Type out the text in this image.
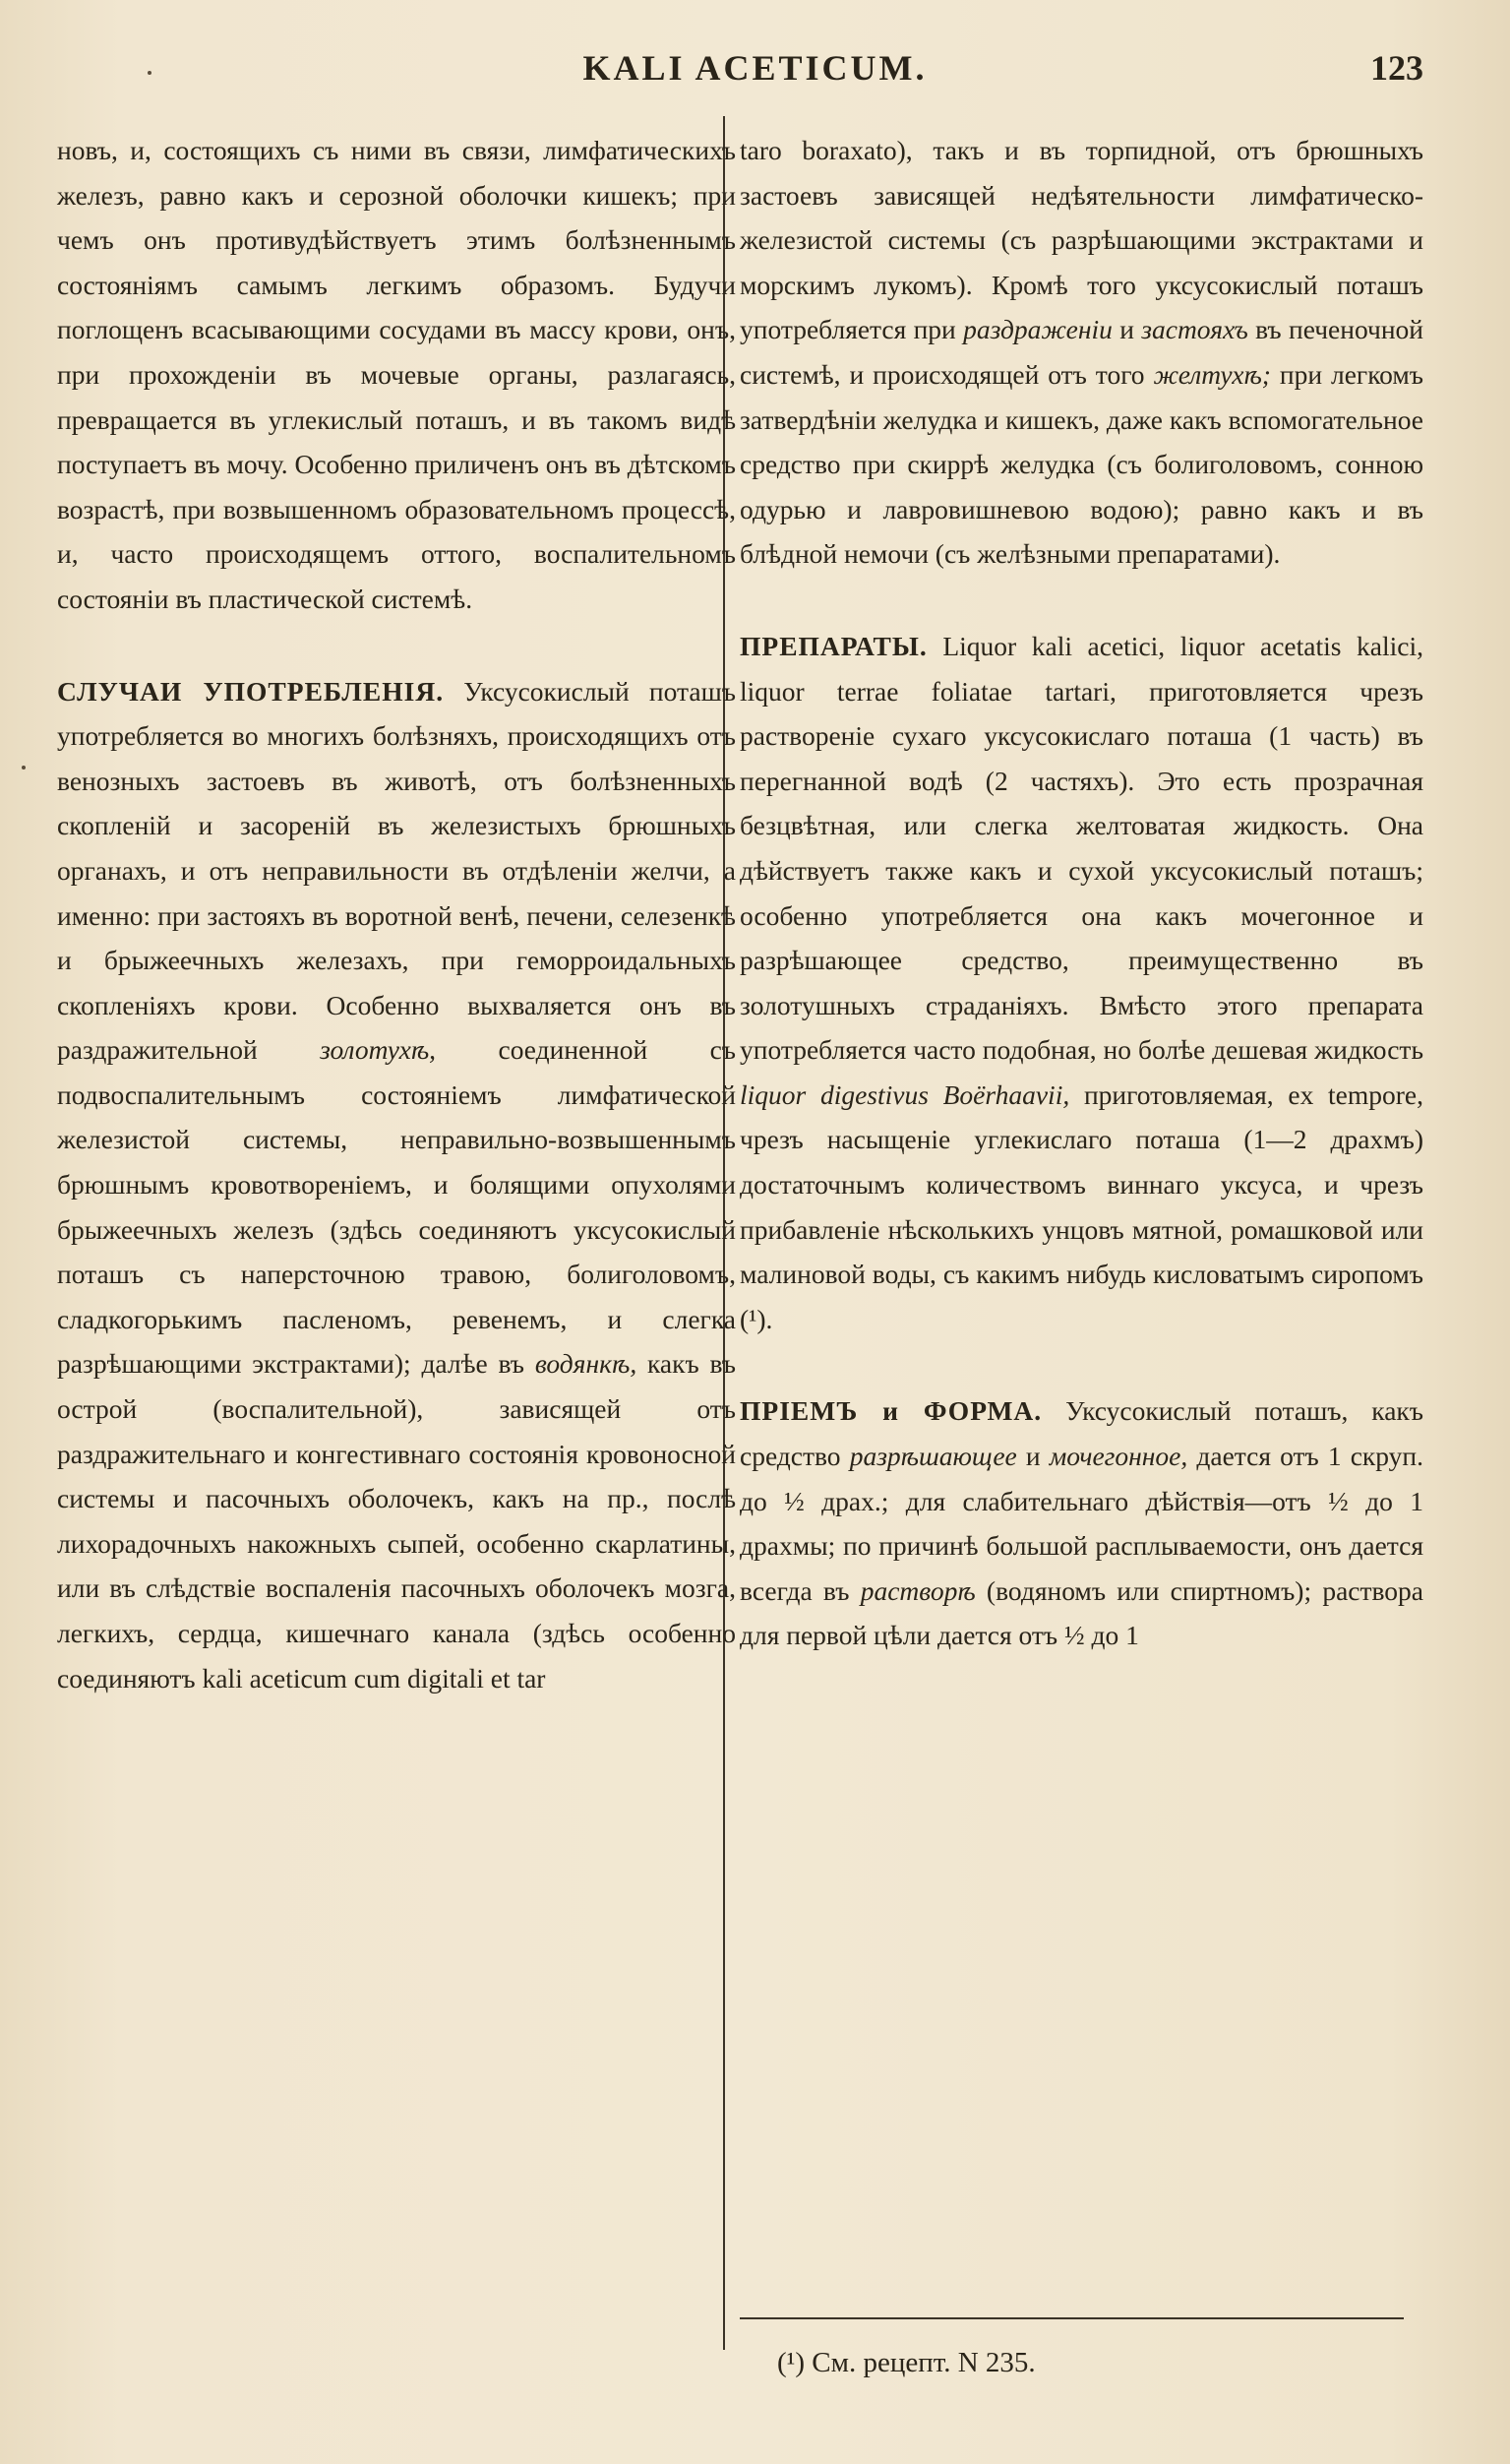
KALI ACETICUM.	123

новъ, и, состоящихъ съ ними въ связи, лимфатическихъ железъ, равно какъ и серозной оболочки кишекъ; при чемъ онъ противудѣйствуетъ этимъ болѣзненнымъ состояніямъ самымъ легкимъ образомъ. Будучи поглощенъ всасывающими сосудами въ массу крови, онъ, при прохожденіи въ мочевые органы, разлагаясь, превращается въ углекислый поташъ, и въ такомъ видѣ поступаетъ въ мочу. Особенно приличенъ онъ въ дѣтскомъ возрастѣ, при возвышенномъ образовательномъ процессѣ, и, часто происходящемъ оттого, воспалительномъ состояніи въ пластической системѣ.

СЛУЧАИ УПОТРЕБЛЕНІЯ. Уксусокислый поташъ употребляется во многихъ болѣзняхъ, происходящихъ отъ венозныхъ застоевъ въ животѣ, отъ болѣзненныхъ скопленій и засореній въ железистыхъ брюшныхъ органахъ, и отъ неправильности въ отдѣленіи желчи, а именно: при застояхъ въ воротной венѣ, печени, селезенкѣ и брыжеечныхъ железахъ, при геморроидальныхъ скопленіяхъ крови. Особенно выхваляется онъ въ раздражительной золотухѣ, соединенной съ подвоспалительнымъ состояніемъ лимфатической железистой системы, неправильно-возвышеннымъ брюшнымъ кровотвореніемъ, и болящими опухолями брыжеечныхъ железъ (здѣсь соединяютъ уксусокислый поташъ съ наперсточною травою, болиголовомъ, сладкогорькимъ пасленомъ, ревенемъ, и слегка разрѣшающими экстрактами); далѣе въ водянкѣ, какъ въ острой (воспалительной), зависящей отъ раздражительнаго и конгестивнаго состоянія кровоносной системы и пасочныхъ оболочекъ, какъ на пр., послѣ лихорадочныхъ накожныхъ сыпей, особенно скарлатины, или въ слѣдствіе воспаленія пасочныхъ оболочекъ мозга, легкихъ, сердца, кишечнаго канала (здѣсь особенно соединяютъ kali aceticum cum digitali et tar

taro boraxato), такъ и въ торпидной, отъ брюшныхъ застоевъ зависящей недѣятельности лимфатическо-железистой системы (съ разрѣшающими экстрактами и морскимъ лукомъ). Кромѣ того уксусокислый поташъ употребляется при раздраженіи и застояхъ въ печеночной системѣ, и происходящей отъ того желтухѣ; при легкомъ затвердѣніи желудка и кишекъ, даже какъ вспомогательное средство при скиррѣ желудка (съ болиголовомъ, сонною одурью и лавровишневою водою); равно какъ и въ блѣдной немочи (съ желѣзными препаратами).

ПРЕПАРАТЫ. Liquor kali acetici, liquor acetatis kalici, liquor terrae foliatae tartari, приготовляется чрезъ раствореніе сухаго уксусокислаго поташа (1 часть) въ перегнанной водѣ (2 частяхъ). Это есть прозрачная безцвѣтная, или слегка желтоватая жидкость. Она дѣйствуетъ также какъ и сухой уксусокислый поташъ; особенно употребляется она какъ мочегонное и разрѣшающее средство, преимущественно въ золотушныхъ страданіяхъ. Вмѣсто этого препарата употребляется часто подобная, но болѣе дешевая жидкость liquor digestivus Boërhaavii, приготовляемая, ex tempore, чрезъ насыщеніе углекислаго поташа (1—2 драхмъ) достаточнымъ количествомъ виннаго уксуса, и чрезъ прибавленіе нѣсколькихъ унцовъ мятной, ромашковой или малиновой воды, съ какимъ нибудь кисловатымъ сиропомъ (¹).

ПРІЕМЪ и ФОРМА. Уксусокислый поташъ, какъ средство разрѣшающее и мочегонное, дается отъ 1 скруп. до ½ драх.; для слабительнаго дѣйствія—отъ ½ до 1 драхмы; по причинѣ большой расплываемости, онъ дается всегда въ растворѣ (водяномъ или спиртномъ); раствора для первой цѣли дается отъ ½ до 1

(¹) См. рецепт. N 235.
